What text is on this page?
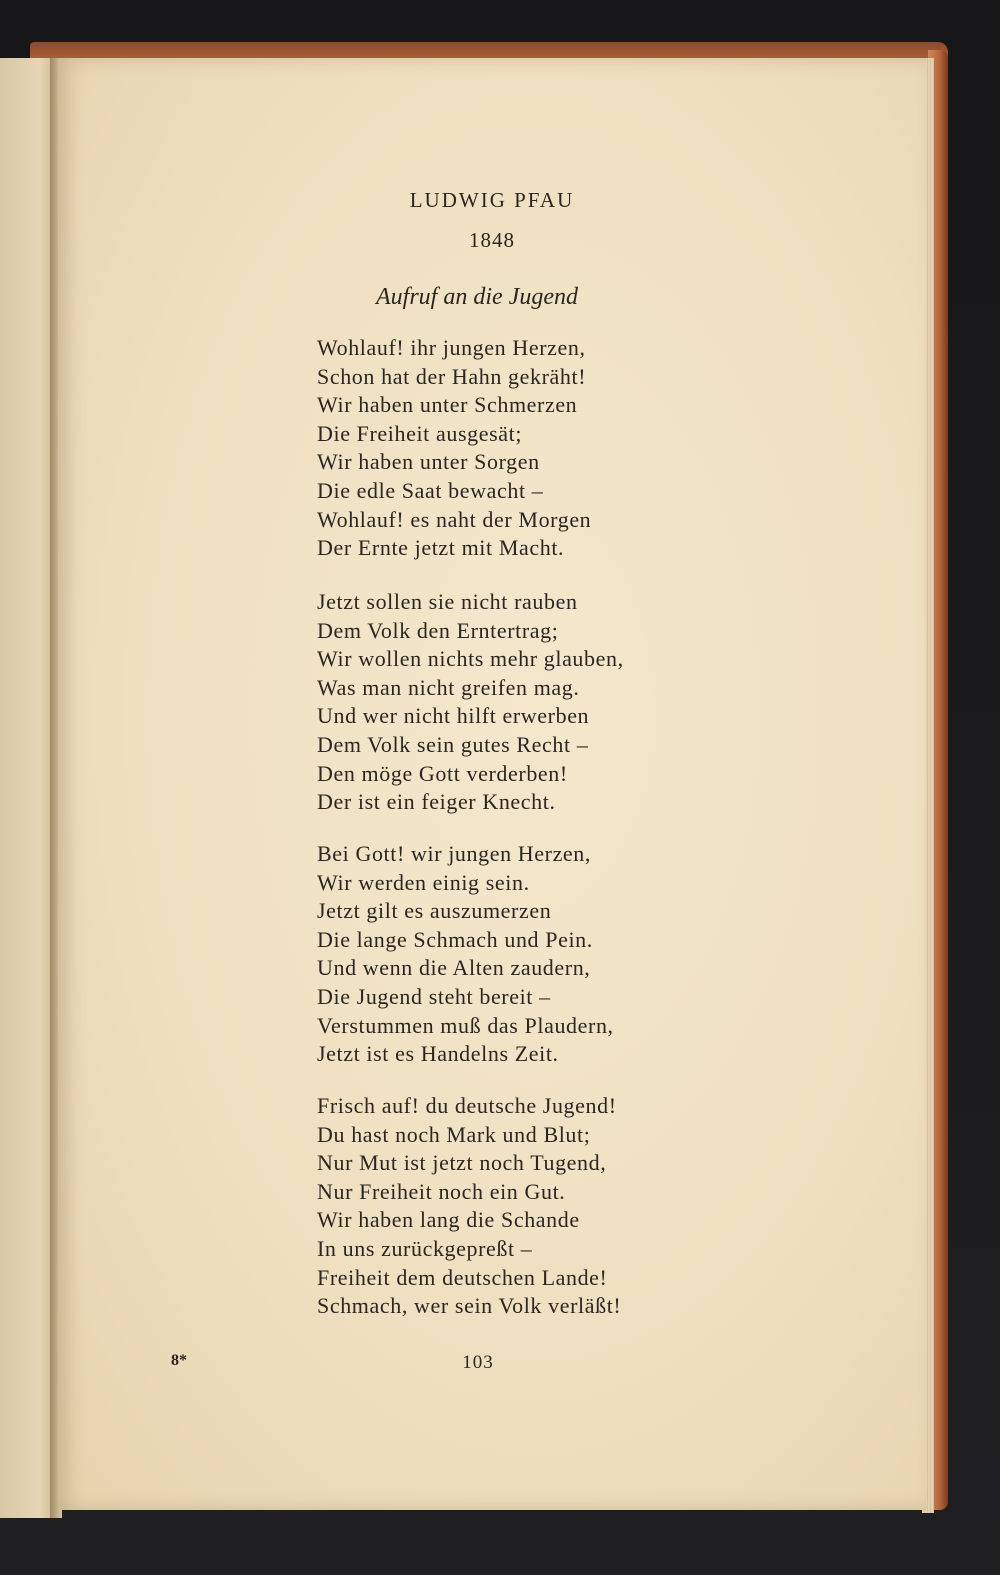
LUDWIG PFAU
1848
Aufruf an die Jugend
Wohlauf! ihr jungen Herzen,
Schon hat der Hahn gekräht!
Wir haben unter Schmerzen
Die Freiheit ausgesät;
Wir haben unter Sorgen
Die edle Saat bewacht –
Wohlauf! es naht der Morgen
Der Ernte jetzt mit Macht.
Jetzt sollen sie nicht rauben
Dem Volk den Erntertrag;
Wir wollen nichts mehr glauben,
Was man nicht greifen mag.
Und wer nicht hilft erwerben
Dem Volk sein gutes Recht –
Den möge Gott verderben!
Der ist ein feiger Knecht.
Bei Gott! wir jungen Herzen,
Wir werden einig sein.
Jetzt gilt es auszumerzen
Die lange Schmach und Pein.
Und wenn die Alten zaudern,
Die Jugend steht bereit –
Verstummen muß das Plaudern,
Jetzt ist es Handelns Zeit.
Frisch auf! du deutsche Jugend!
Du hast noch Mark und Blut;
Nur Mut ist jetzt noch Tugend,
Nur Freiheit noch ein Gut.
Wir haben lang die Schande
In uns zurückgepreßt –
Freiheit dem deutschen Lande!
Schmach, wer sein Volk verläßt!
8*	103
